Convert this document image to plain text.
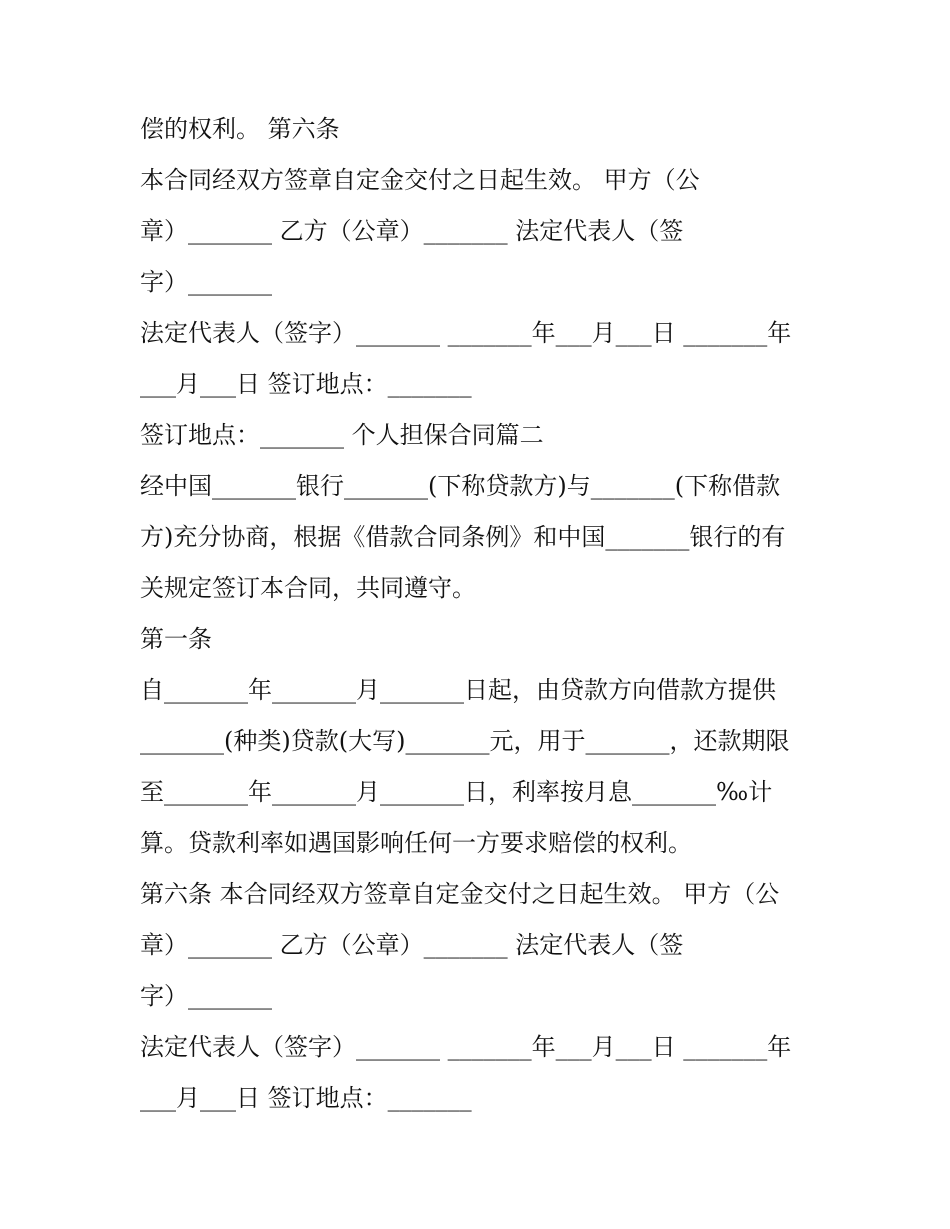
偿的权利。 第六条
本合同经双方签章自定金交付之日起生效。 甲方（公
章）_______ 乙方（公章）_______ 法定代表人（签
字）_______
法定代表人（签字）_______ _______年___月___日 _______年
___月___日 签订地点：_______
签订地点：_______ 个人担保合同篇二
经中国_______银行_______(下称贷款方)与_______(下称借款
方)充分协商，根据《借款合同条例》和中国_______银行的有
关规定签订本合同，共同遵守。
第一条
自_______年_______月_______日起，由贷款方向借款方提供
_______(种类)贷款(大写)_______元，用于_______，还款期限
至_______年_______月_______日，利率按月息_______‰计
算。贷款利率如遇国影响任何一方要求赔偿的权利。
第六条 本合同经双方签章自定金交付之日起生效。 甲方（公
章）_______ 乙方（公章）_______ 法定代表人（签
字）_______
法定代表人（签字）_______ _______年___月___日 _______年
___月___日 签订地点：_______
